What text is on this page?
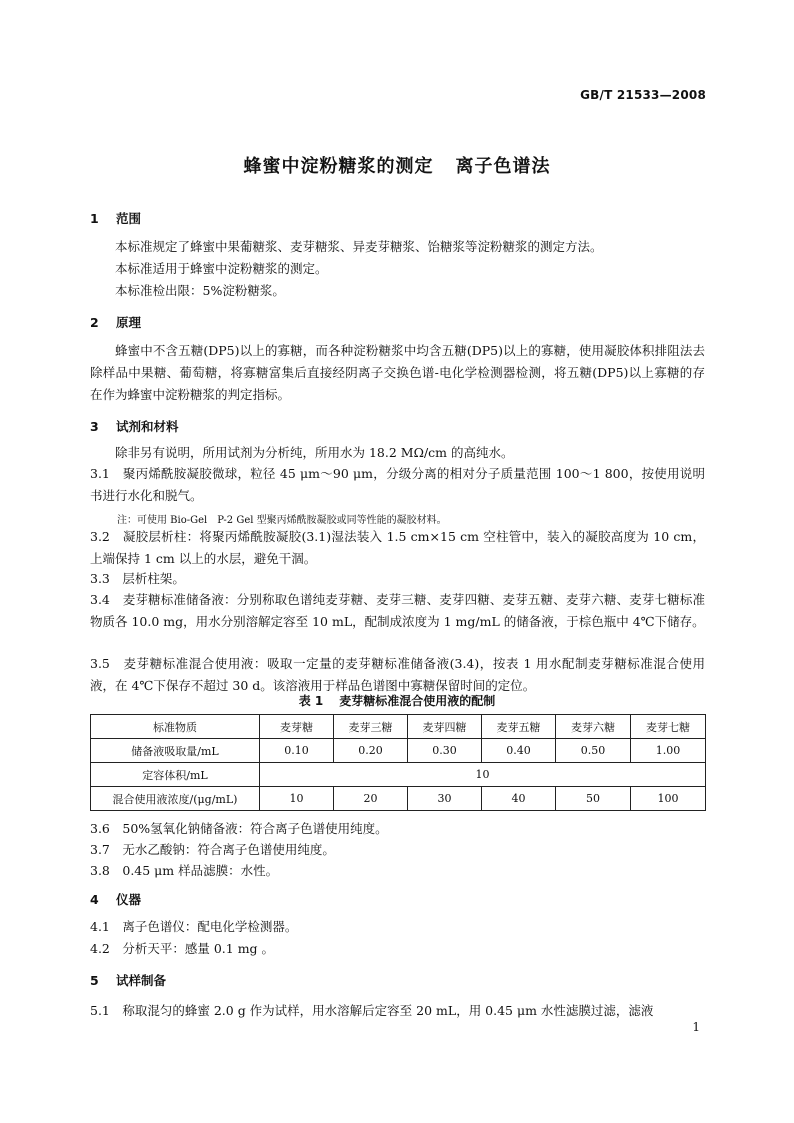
GB/T 21533—2008
蜂蜜中淀粉糖浆的测定 离子色谱法
1 范围

本标准规定了蜂蜜中果葡糖浆、麦芽糖浆、异麦芽糖浆、饴糖浆等淀粉糖浆的测定方法。

本标准适用于蜂蜜中淀粉糖浆的测定。

本标准检出限：5%淀粉糖浆。

2 原理

蜂蜜中不含五糖(DP5)以上的寡糖，而各种淀粉糖浆中均含五糖(DP5)以上的寡糖，使用凝胶体积排阻法去除样品中果糖、葡萄糖，将寡糖富集后直接经阴离子交换色谱-电化学检测器检测，将五糖(DP5)以上寡糖的存在作为蜂蜜中淀粉糖浆的判定指标。

3 试剂和材料

除非另有说明，所用试剂为分析纯，所用水为 18.2 MΩ/cm 的高纯水。

3.1　聚丙烯酰胺凝胶微球，粒径 45 μm～90 μm，分级分离的相对分子质量范围 100～1 800，按使用说明书进行水化和脱气。

注：可使用 Bio-Gel　P-2 Gel 型聚丙烯酰胺凝胶或同等性能的凝胶材料。

3.2　凝胶层析柱：将聚丙烯酰胺凝胶(3.1)湿法装入 1.5 cm×15 cm 空柱管中，装入的凝胶高度为 10 cm，上端保持 1 cm 以上的水层，避免干涸。

3.3　层析柱架。

3.4　麦芽糖标准储备液：分别称取色谱纯麦芽糖、麦芽三糖、麦芽四糖、麦芽五糖、麦芽六糖、麦芽七糖标准物质各 10.0 mg，用水分别溶解定容至 10 mL，配制成浓度为 1 mg/mL 的储备液，于棕色瓶中 4℃下储存。

3.5　麦芽糖标准混合使用液：吸取一定量的麦芽糖标准储备液(3.4)，按表 1 用水配制麦芽糖标准混合使用液，在 4℃下保存不超过 30 d。该溶液用于样品色谱图中寡糖保留时间的定位。

表 1 麦芽糖标准混合使用液的配制
标准物质	麦芽糖	麦芽三糖	麦芽四糖	麦芽五糖	麦芽六糖	麦芽七糖
储备液吸取量/mL	0.10	0.20	0.30	0.40	0.50	1.00
定容体积/mL	10					
混合使用液浓度/(μg/mL)	10	20	30	40	50	100
3.6　50%氢氧化钠储备液：符合离子色谱使用纯度。
3.7　无水乙酸钠：符合离子色谱使用纯度。
3.8　0.45 μm 样品滤膜：水性。
4 仪器
4.1　离子色谱仪：配电化学检测器。
4.2　分析天平：感量 0.1 mg 。
5 试样制备
5.1　称取混匀的蜂蜜 2.0 g 作为试样，用水溶解后定容至 20 mL，用 0.45 μm 水性滤膜过滤，滤液
1
